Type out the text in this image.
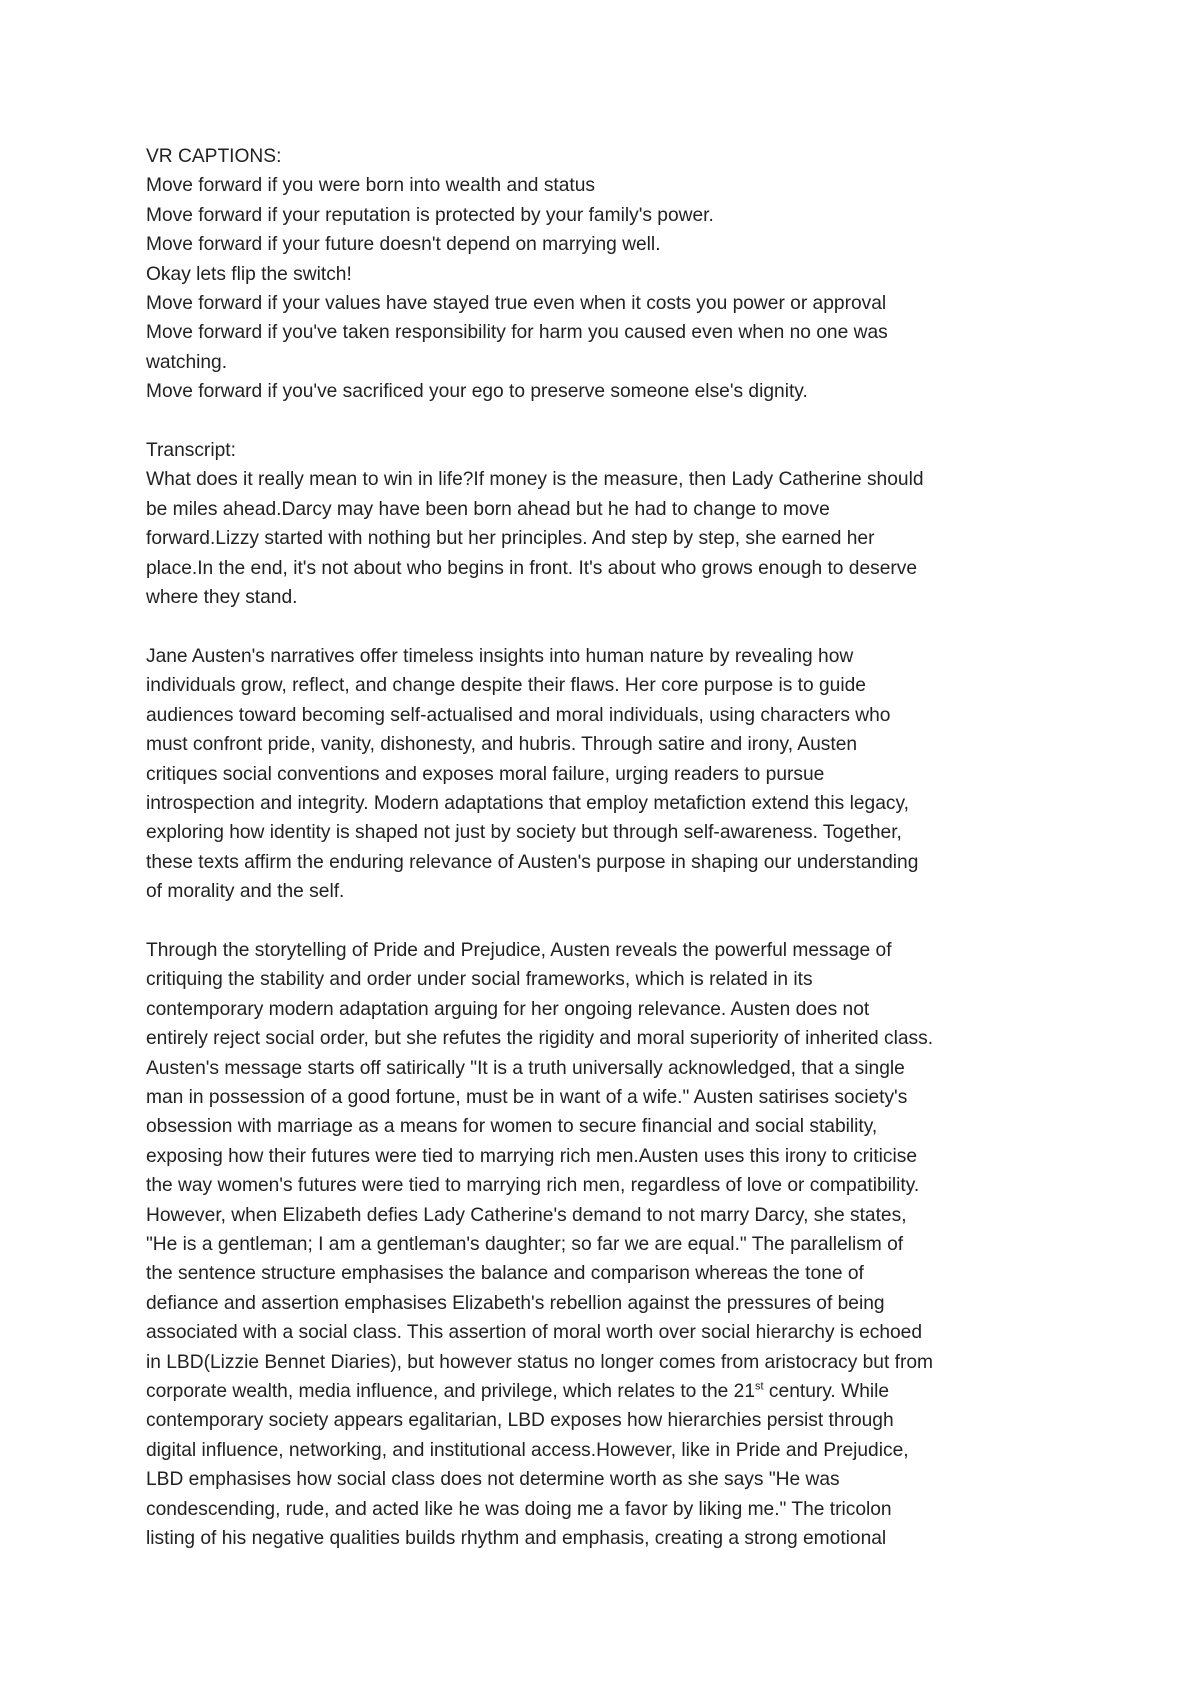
VR CAPTIONS:
Move forward if you were born into wealth and status
Move forward if your reputation is protected by your family's power.
Move forward if your future doesn't depend on marrying well.
Okay lets flip the switch!
Move forward if your values have stayed true even when it costs you power or approval
Move forward if you've taken responsibility for harm you caused even when no one was
watching.
Move forward if you've sacrificed your ego to preserve someone else's dignity.
Transcript:
What does it really mean to win in life?If money is the measure, then Lady Catherine should
be miles ahead.Darcy may have been born ahead but he had to change to move
forward.Lizzy started with nothing but her principles. And step by step, she earned her
place.In the end, it's not about who begins in front. It's about who grows enough to deserve
where they stand.
Jane Austen's narratives offer timeless insights into human nature by revealing how
individuals grow, reflect, and change despite their flaws. Her core purpose is to guide
audiences toward becoming self-actualised and moral individuals, using characters who
must confront pride, vanity, dishonesty, and hubris. Through satire and irony, Austen
critiques social conventions and exposes moral failure, urging readers to pursue
introspection and integrity. Modern adaptations that employ metafiction extend this legacy,
exploring how identity is shaped not just by society but through self-awareness. Together,
these texts affirm the enduring relevance of Austen's purpose in shaping our understanding
of morality and the self.
Through the storytelling of Pride and Prejudice, Austen reveals the powerful message of
critiquing the stability and order under social frameworks, which is related in its
contemporary modern adaptation arguing for her ongoing relevance. Austen does not
entirely reject social order, but she refutes the rigidity and moral superiority of inherited class.
Austen's message starts off satirically "It is a truth universally acknowledged, that a single
man in possession of a good fortune, must be in want of a wife." Austen satirises society's
obsession with marriage as a means for women to secure financial and social stability,
exposing how their futures were tied to marrying rich men.Austen uses this irony to criticise
the way women's futures were tied to marrying rich men, regardless of love or compatibility.
However, when Elizabeth defies Lady Catherine's demand to not marry Darcy, she states,
"He is a gentleman; I am a gentleman's daughter; so far we are equal." The parallelism of
the sentence structure emphasises the balance and comparison whereas the tone of
defiance and assertion emphasises Elizabeth's rebellion against the pressures of being
associated with a social class. This assertion of moral worth over social hierarchy is echoed
in LBD(Lizzie Bennet Diaries), but however status no longer comes from aristocracy but from
corporate wealth, media influence, and privilege, which relates to the 21st century. While
contemporary society appears egalitarian, LBD exposes how hierarchies persist through
digital influence, networking, and institutional access.However, like in Pride and Prejudice,
LBD emphasises how social class does not determine worth as she says "He was
condescending, rude, and acted like he was doing me a favor by liking me." The tricolon
listing of his negative qualities builds rhythm and emphasis, creating a strong emotional
